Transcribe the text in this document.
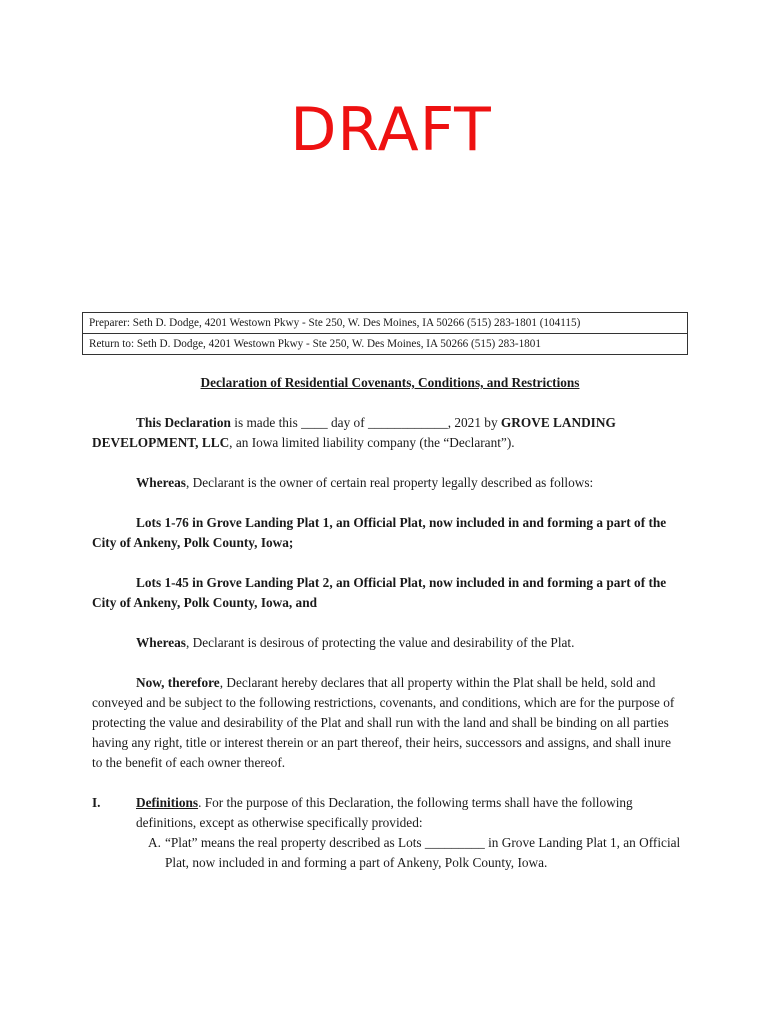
DRAFT
Preparer: Seth D. Dodge, 4201 Westown Pkwy - Ste 250, W. Des Moines, IA 50266 (515) 283-1801 (104115)
Return to: Seth D. Dodge, 4201 Westown Pkwy - Ste 250, W. Des Moines, IA 50266 (515) 283-1801
Declaration of Residential Covenants, Conditions, and Restrictions

This Declaration is made this ____ day of ____________, 2021 by GROVE LANDING DEVELOPMENT, LLC, an Iowa limited liability company (the “Declarant”).

Whereas, Declarant is the owner of certain real property legally described as follows:

Lots 1-76 in Grove Landing Plat 1, an Official Plat, now included in and forming a part of the City of Ankeny, Polk County, Iowa;

Lots 1-45 in Grove Landing Plat 2, an Official Plat, now included in and forming a part of the City of Ankeny, Polk County, Iowa, and

Whereas, Declarant is desirous of protecting the value and desirability of the Plat.

Now, therefore, Declarant hereby declares that all property within the Plat shall be held, sold and conveyed and be subject to the following restrictions, covenants, and conditions, which are for the purpose of protecting the value and desirability of the Plat and shall run with the land and shall be binding on all parties having any right, title or interest therein or an part thereof, their heirs, successors and assigns, and shall inure to the benefit of each owner thereof.

I.	Definitions. For the purpose of this Declaration, the following terms shall have the following definitions, except as otherwise specifically provided:
A. “Plat” means the real property described as Lots _________ in Grove Landing Plat 1, an Official Plat, now included in and forming a part of Ankeny, Polk County, Iowa.
